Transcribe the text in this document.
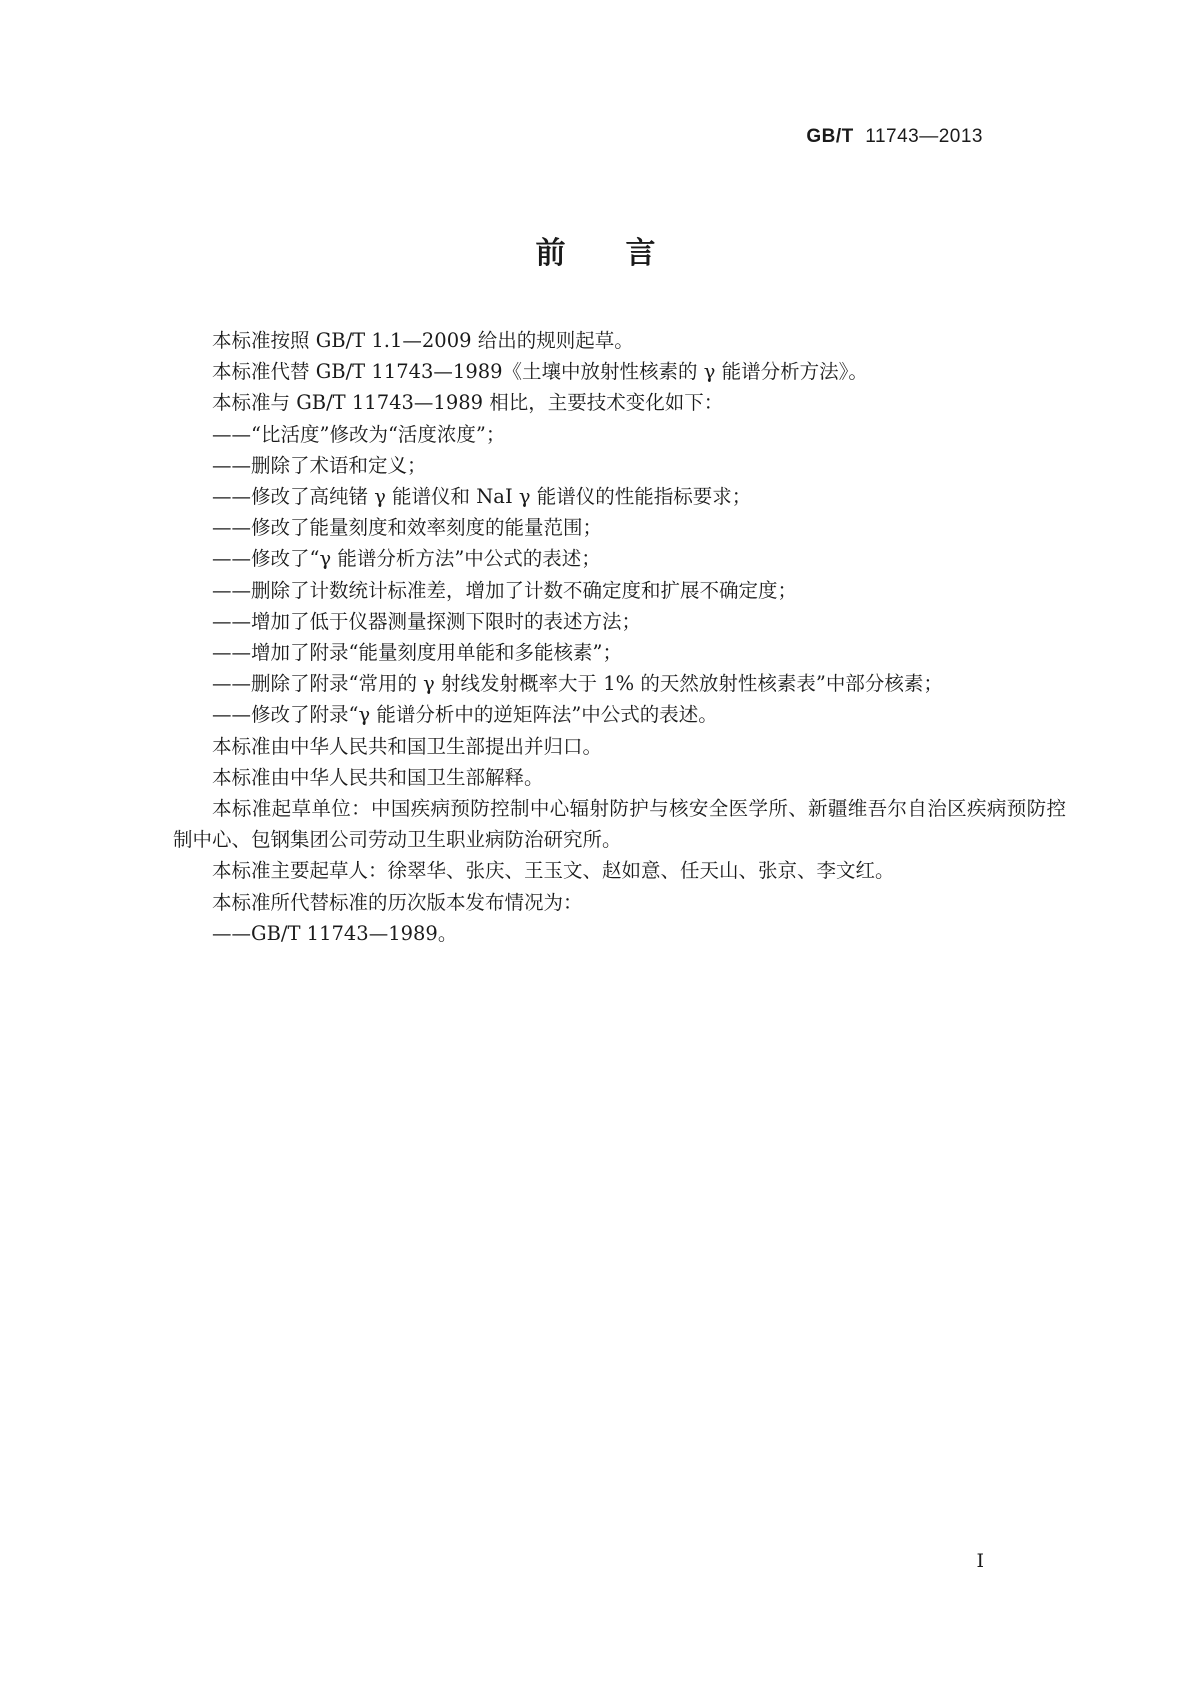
GB/T 11743—2013
前言

本标准按照 GB/T 1.1—2009 给出的规则起草。

本标准代替 GB/T 11743—1989《土壤中放射性核素的 γ 能谱分析方法》。

本标准与 GB/T 11743—1989 相比，主要技术变化如下：

——“比活度”修改为“活度浓度”；

——删除了术语和定义；

——修改了高纯锗 γ 能谱仪和 NaI γ 能谱仪的性能指标要求；

——修改了能量刻度和效率刻度的能量范围；

——修改了“γ 能谱分析方法”中公式的表述；

——删除了计数统计标准差，增加了计数不确定度和扩展不确定度；

——增加了低于仪器测量探测下限时的表述方法；

——增加了附录“能量刻度用单能和多能核素”；

——删除了附录“常用的 γ 射线发射概率大于 1% 的天然放射性核素表”中部分核素；

——修改了附录“γ 能谱分析中的逆矩阵法”中公式的表述。

本标准由中华人民共和国卫生部提出并归口。

本标准由中华人民共和国卫生部解释。

本标准起草单位：中国疾病预防控制中心辐射防护与核安全医学所、新疆维吾尔自治区疾病预防控制中心、包钢集团公司劳动卫生职业病防治研究所。

本标准主要起草人：徐翠华、张庆、王玉文、赵如意、任天山、张京、李文红。

本标准所代替标准的历次版本发布情况为：

——GB/T 11743—1989。

I
